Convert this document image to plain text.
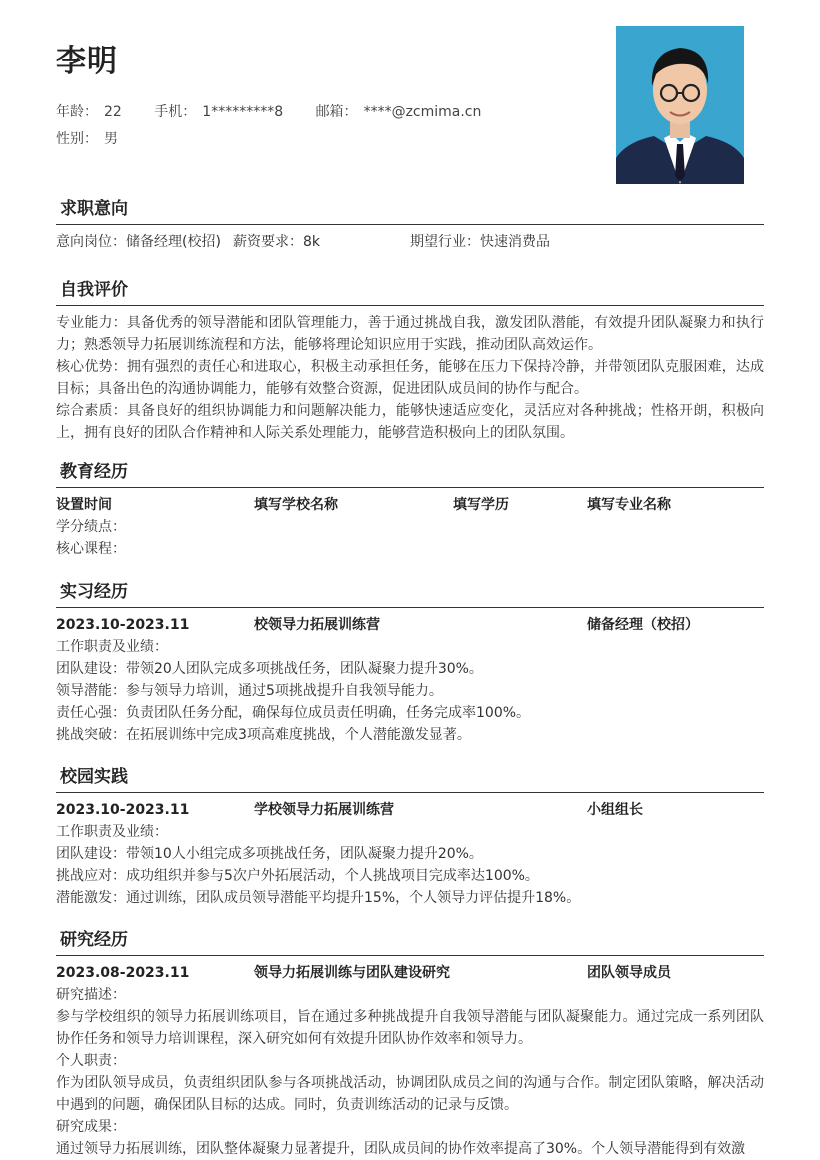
李明
年龄： 22 手机： 1*********8 邮箱： ****@zcmima.cn
性别： 男
求职意向
意向岗位：储备经理(校招) 薪资要求：8k	期望行业：快速消费品
自我评价
专业能力：具备优秀的领导潜能和团队管理能力，善于通过挑战自我，激发团队潜能，有效提升团队凝聚力和执行力；熟悉领导力拓展训练流程和方法，能够将理论知识应用于实践，推动团队高效运作。
核心优势：拥有强烈的责任心和进取心，积极主动承担任务，能够在压力下保持冷静，并带领团队克服困难，达成目标；具备出色的沟通协调能力，能够有效整合资源，促进团队成员间的协作与配合。
综合素质：具备良好的组织协调能力和问题解决能力，能够快速适应变化，灵活应对各种挑战；性格开朗，积极向上，拥有良好的团队合作精神和人际关系处理能力，能够营造积极向上的团队氛围。
教育经历
设置时间	填写学校名称	填写学历	填写专业名称
学分绩点：
核心课程：
实习经历
2023.10-2023.11	校领导力拓展训练营	储备经理（校招）
工作职责及业绩：
团队建设：带领20人团队完成多项挑战任务，团队凝聚力提升30%。
领导潜能：参与领导力培训，通过5项挑战提升自我领导能力。
责任心强：负责团队任务分配，确保每位成员责任明确，任务完成率100%。
挑战突破：在拓展训练中完成3项高难度挑战，个人潜能激发显著。
校园实践
2023.10-2023.11	学校领导力拓展训练营	小组组长
工作职责及业绩：
团队建设：带领10人小组完成多项挑战任务，团队凝聚力提升20%。
挑战应对：成功组织并参与5次户外拓展活动，个人挑战项目完成率达100%。
潜能激发：通过训练，团队成员领导潜能平均提升15%，个人领导力评估提升18%。
研究经历
2023.08-2023.11	领导力拓展训练与团队建设研究	团队领导成员
研究描述：
参与学校组织的领导力拓展训练项目，旨在通过多种挑战提升自我领导潜能与团队凝聚能力。通过完成一系列团队协作任务和领导力培训课程，深入研究如何有效提升团队协作效率和领导力。
个人职责：
作为团队领导成员，负责组织团队参与各项挑战活动，协调团队成员之间的沟通与合作。制定团队策略，解决活动中遇到的问题，确保团队目标的达成。同时，负责训练活动的记录与反馈。
研究成果：
通过领导力拓展训练，团队整体凝聚力显著提升，团队成员间的协作效率提高了30%。个人领导潜能得到有效激
